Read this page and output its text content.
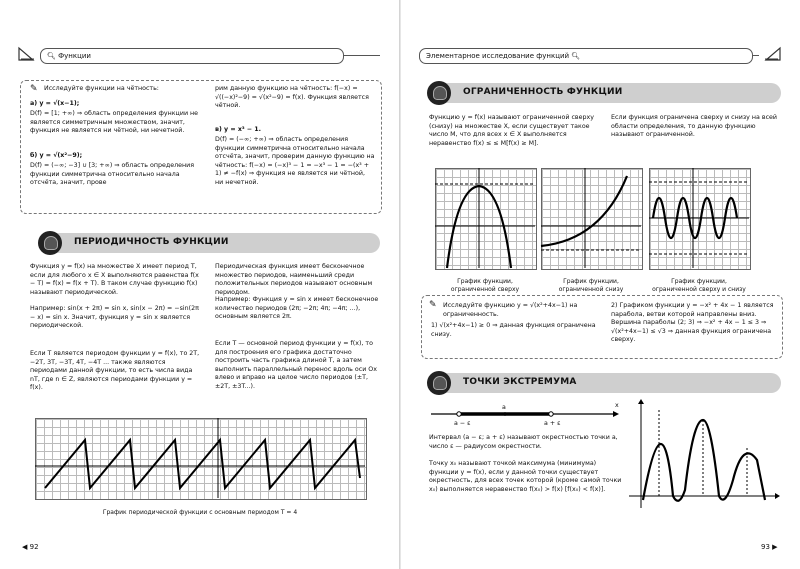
🔍︎ Функции
✎ Исследуйте функции на чётность:

а) y = √(x−1);

D(f) = [1; +∞) ⇒ область определения функции не является симметричным множеством, значит, функция не является ни чётной, ни нечетной.

б) y = √(x²−9);

D(f) = (−∞; −3] ∪ [3; +∞) ⇒ область определения функции симметрична относительно начала отсчёта, значит, прове

рим данную функцию на чётность: f(−x) = √((−x)²−9) = √(x²−9) = f(x). Функция является чётной.

в) y = x³ − 1.

D(f) = (−∞; +∞) ⇒ область определения функции симметрична относительно начала отсчёта, значит, проверим данную функцию на чётность: f(−x) = (−x)³ − 1 = −x³ − 1 = −(x³ + 1) ≠ −f(x) ⇒ функция не является ни чётной, ни нечетной.

ПЕРИОДИЧНОСТЬ ФУНКЦИИ

Функция y = f(x) на множестве X имеет период T, если для любого x ∈ X выполняются равенства f(x − T) = f(x) = f(x + T). В таком случае функцию f(x) называют периодической.

Например: sin(x + 2π) = sin x, sin(x − 2π) = −sin(2π − x) = sin x. Значит, функция y = sin x является периодической.

Если T является периодом функции y = f(x), то 2T, −2T, 3T, −3T, 4T, −4T ... также являются периодами данной функции, то есть числа вида nT, где n ∈ Z, являются периодами функции y = f(x).

Периодическая функция имеет бесконечное множество периодов, наименьший среди положительных периодов называют основным периодом.

Например: Функция y = sin x имеет бесконечное количество периодов (2π; −2π; 4π; −4π; ...), основным является 2π.

Если T — основной период функции y = f(x), то для построения его графика достаточно построить часть графика длиной T, а затем выполнить параллельный перенос вдоль оси Ox влево и вправо на целое число периодов (±T, ±2T, ±3T...).

График периодической функции с основным периодом T = 4

◀ 92
Элементарное исследование функций 🔍︎
ОГРАНИЧЕННОСТЬ ФУНКЦИИ

Функцию y = f(x) называют ограниченной сверху (снизу) на множестве X, если существует такое число M, что для всех x ∈ X выполняется неравенство f(x) ≤ ≤ M[f(x) ≥ M].

Если функция ограничена сверху и снизу на всей области определения, то данную функцию называют ограниченной.

График функции, ограниченной сверху

График функции, ограниченной снизу

График функции, ограниченной сверху и снизу

✎ Исследуйте функцию y = √(x²+4x−1) на ограниченность.

1) √(x²+4x−1) ≥ 0 ⇒ данная функция ограничена снизу.

2) Графиком функции y = −x² + 4x − 1 является парабола, ветви которой направлены вниз. Вершина параболы (2; 3) ⇒ −x² + 4x − 1 ≤ 3 ⇒ √(x²+4x−1) ≤ √3 ⇒ данная функция ограничена сверху.

ТОЧКИ ЭКСТРЕМУМА
a − ε
a
a + ε
x

Интервал (a − ε; a + ε) называют окрестностью точки a, число ε — радиусом окрестности.

Точку x₀ называют точкой максимума (минимума) функции y = f(x), если у данной точки существует окрестность, для всех точек которой (кроме самой точки x₀) выполняется неравенство f(x₀) > f(x) [f(x₀) < f(x)].

93 ▶
